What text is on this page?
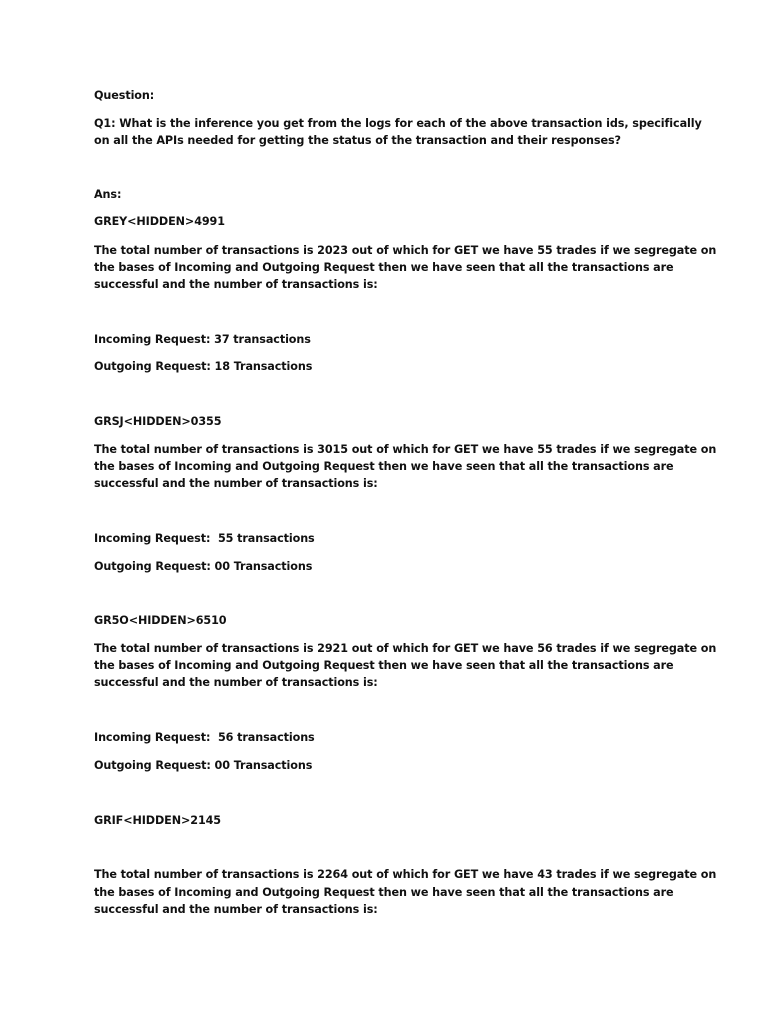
Question:

Q1: What is the inference you get from the logs for each of the above transaction ids, specifically

on all the APIs needed for getting the status of the transaction and their responses?

Ans:

GREY<HIDDEN>4991

The total number of transactions is 2023 out of which for GET we have 55 trades if we segregate on

the bases of Incoming and Outgoing Request then we have seen that all the transactions are

successful and the number of transactions is:

Incoming Request: 37 transactions

Outgoing Request: 18 Transactions

GRSJ<HIDDEN>0355

The total number of transactions is 3015 out of which for GET we have 55 trades if we segregate on

the bases of Incoming and Outgoing Request then we have seen that all the transactions are

successful and the number of transactions is:

Incoming Request:  55 transactions

Outgoing Request: 00 Transactions

GR5O<HIDDEN>6510

The total number of transactions is 2921 out of which for GET we have 56 trades if we segregate on

the bases of Incoming and Outgoing Request then we have seen that all the transactions are

successful and the number of transactions is:

Incoming Request:  56 transactions

Outgoing Request: 00 Transactions

GRIF<HIDDEN>2145

The total number of transactions is 2264 out of which for GET we have 43 trades if we segregate on

the bases of Incoming and Outgoing Request then we have seen that all the transactions are

successful and the number of transactions is:
